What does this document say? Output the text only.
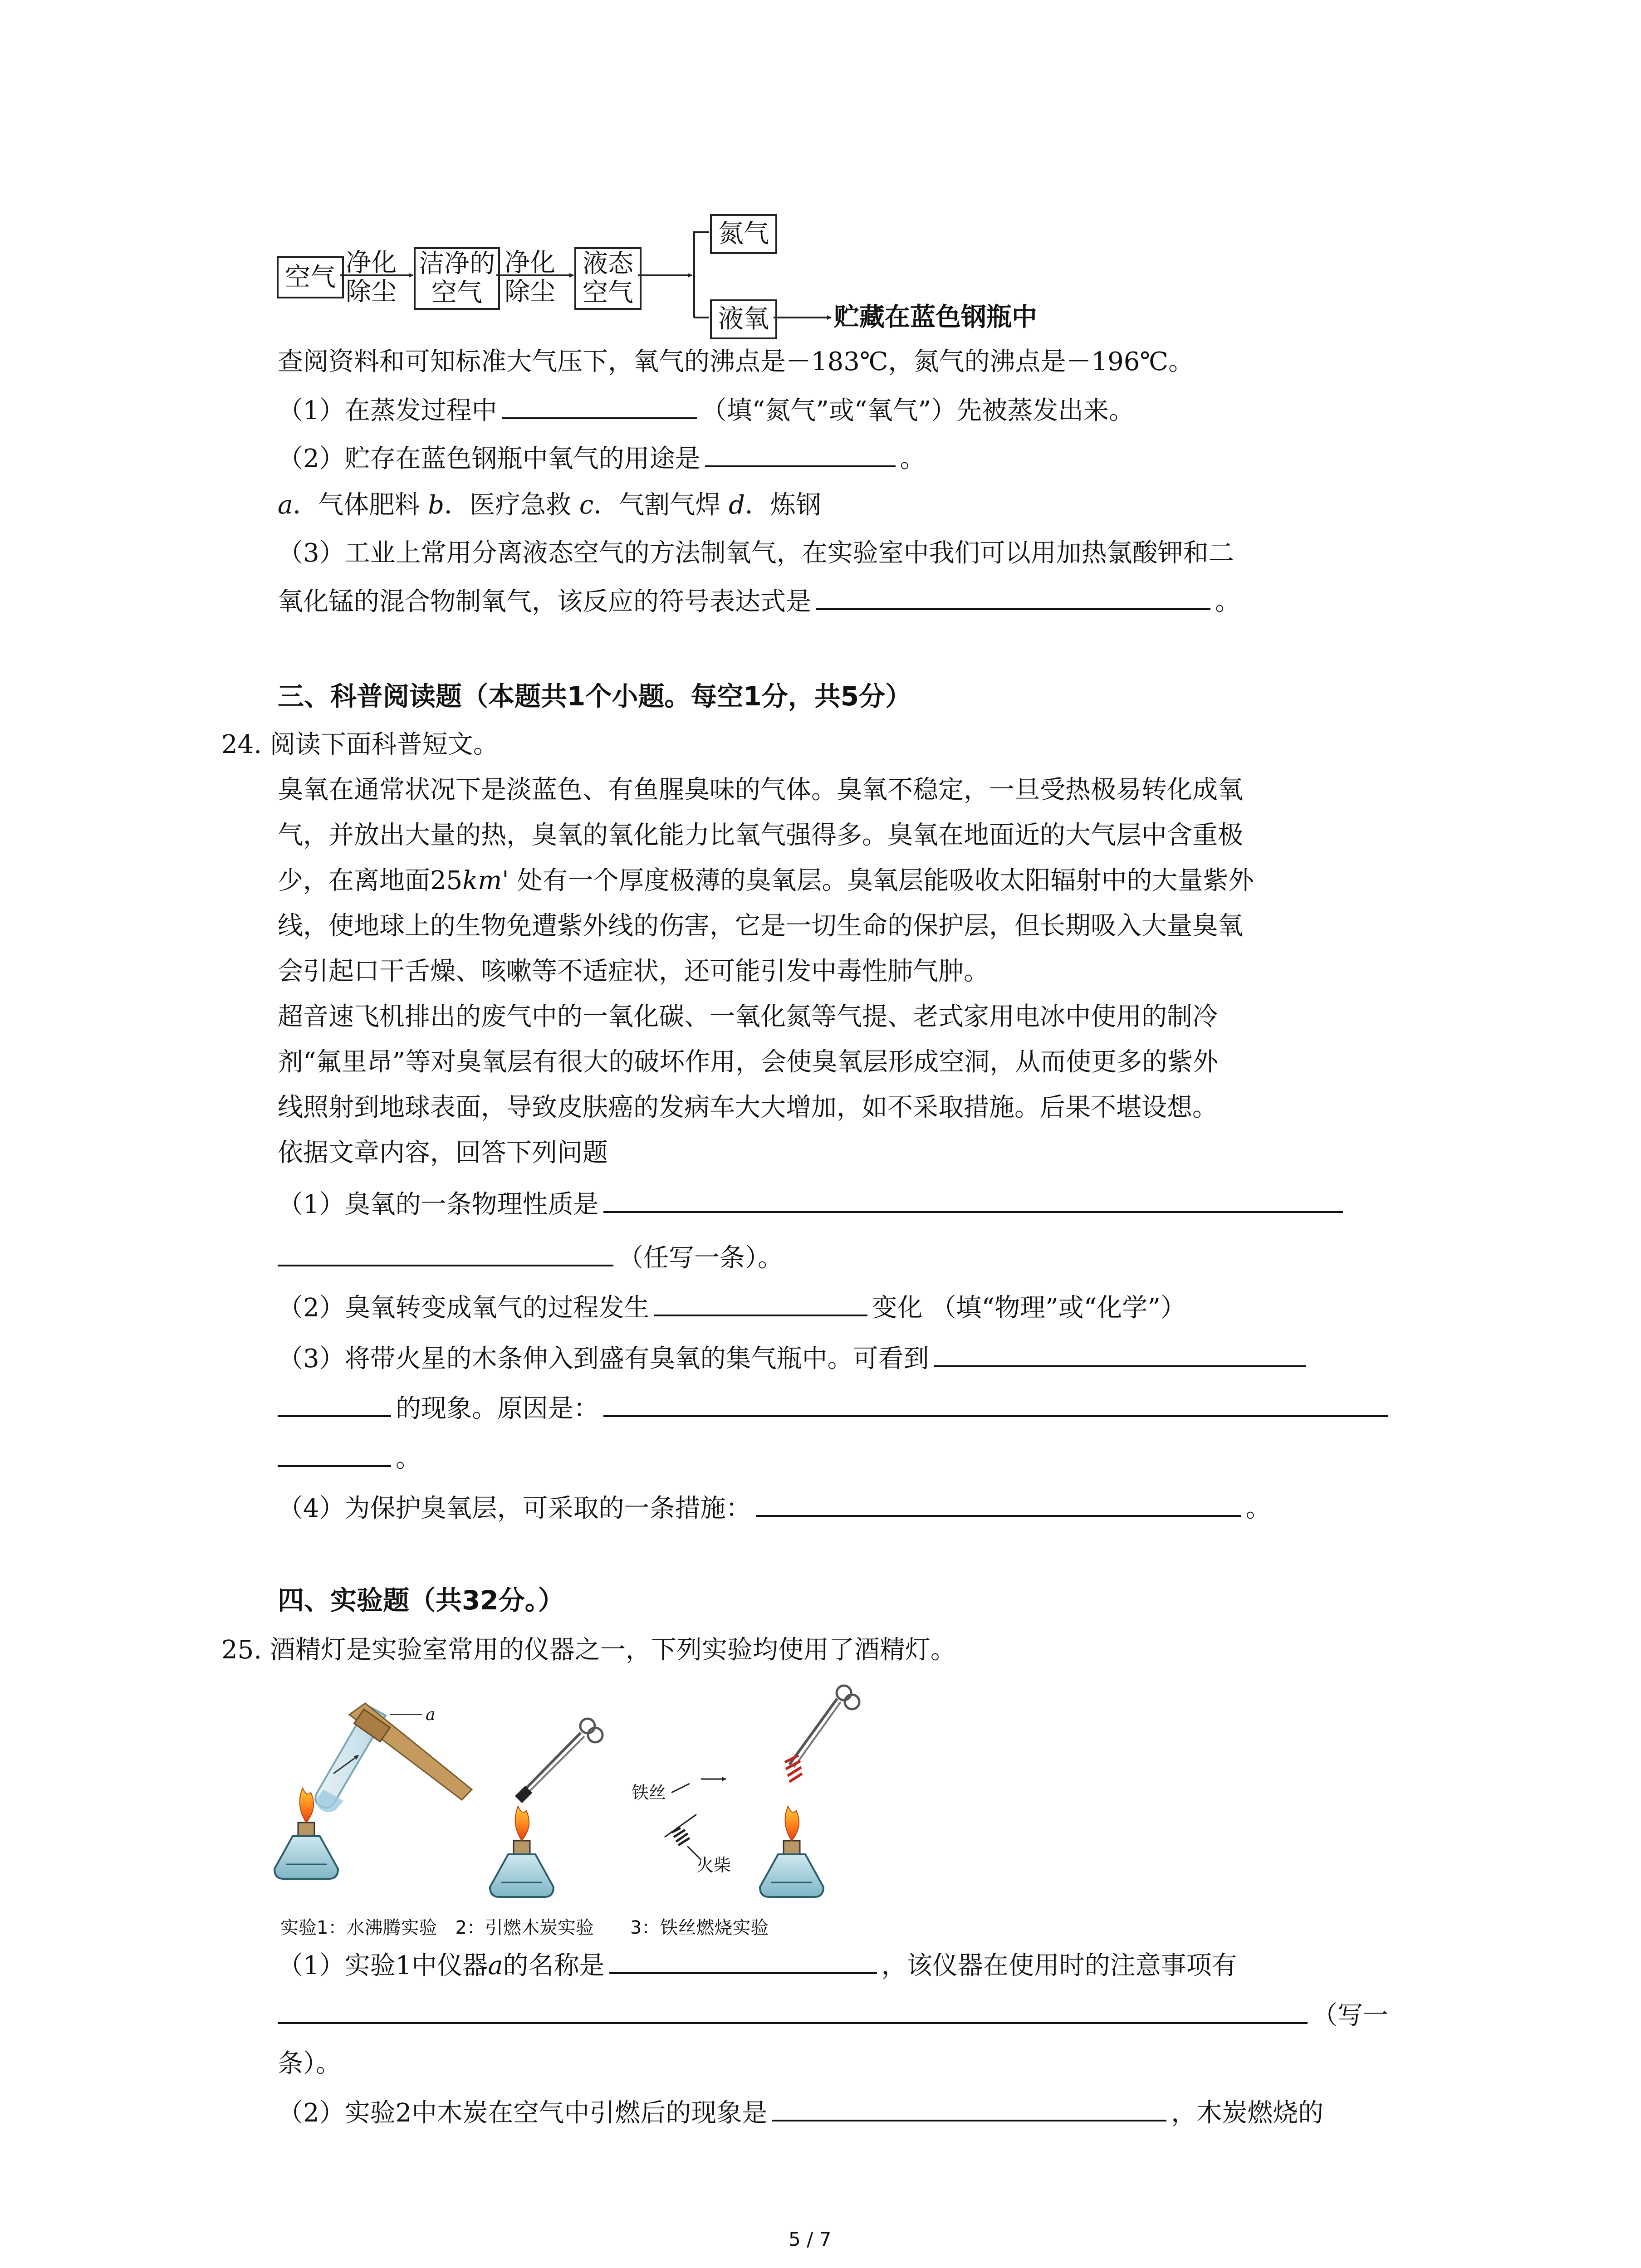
空气 净化
除尘
洁净的
空气
净化
除尘
液态
空气
氮气
液氧	贮藏在蓝色钢瓶中
查阅资料和可知标准大气压下，氧气的沸点是－183℃，氮气的沸点是－196℃。
（1）在蒸发过程中	（填“氮气”或“氧气”）先被蒸发出来。
（2）贮存在蓝色钢瓶中氧气的用途是	。
a．气体肥料 b．医疗急救 c．气割气焊 d．炼钢
（3）工业上常用分离液态空气的方法制氧气，在实验室中我们可以用加热氯酸钾和二
氧化锰的混合物制氧气，该反应的符号表达式是	。
三、科普阅读题（本题共1个小题。每空1分，共5分）
24. 阅读下面科普短文。
臭氧在通常状况下是淡蓝色、有鱼腥臭味的气体。臭氧不稳定，一旦受热极易转化成氧
气，并放出大量的热，臭氧的氧化能力比氧气强得多。臭氧在地面近的大气层中含重极
少，在离地面25km' 处有一个厚度极薄的臭氧层。臭氧层能吸收太阳辐射中的大量紫外
线，使地球上的生物免遭紫外线的伤害，它是一切生命的保护层，但长期吸入大量臭氧
会引起口干舌燥、咳嗽等不适症状，还可能引发中毒性肺气肿。
超音速飞机排出的废气中的一氧化碳、一氧化氮等气提、老式家用电冰中使用的制冷
剂“氟里昂”等对臭氧层有很大的破坏作用，会使臭氧层形成空洞，从而使更多的紫外
线照射到地球表面，导致皮肤癌的发病车大大增加，如不采取措施。后果不堪设想。
依据文章内容，回答下列问题
（1）臭氧的一条物理性质是
（任写一条）。
（2）臭氧转变成氧气的过程发生	变化 （填“物理”或“化学”）
（3）将带火星的木条伸入到盛有臭氧的集气瓶中。可看到
的现象。原因是：
。
（4）为保护臭氧层，可采取的一条措施：	。
四、实验题（共32分。）
25. 酒精灯是实验室常用的仪器之一，下列实验均使用了酒精灯。
a
铁丝
火柴
实验1：水沸腾实验　2：引燃木炭实验　　3：铁丝燃烧实验
（1）实验1中仪器a的名称是	，该仪器在使用时的注意事项有
（写一
条）。
（2）实验2中木炭在空气中引燃后的现象是	，木炭燃烧的
5 / 7
